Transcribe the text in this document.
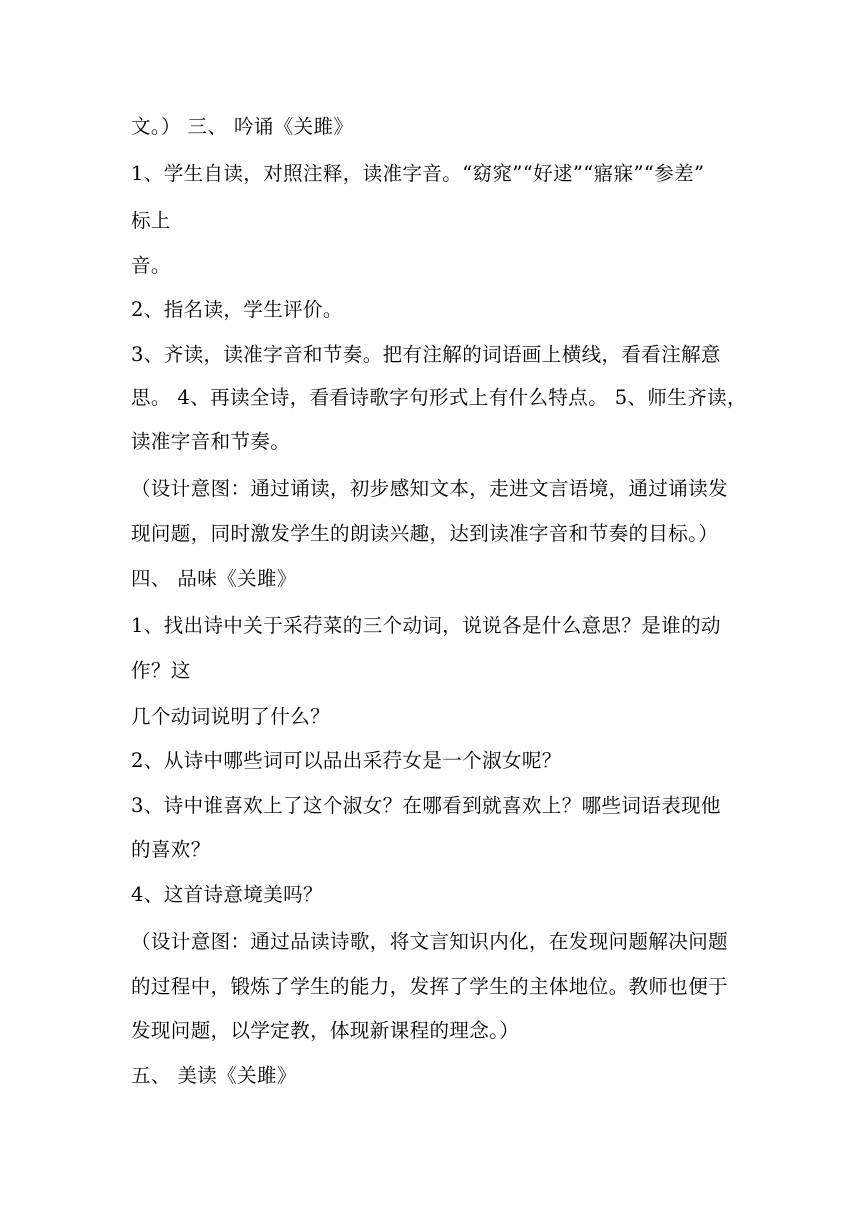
文。） 三、 吟诵《关雎》
1、学生自读，对照注释，读准字音。“窈窕”“好逑”“寤寐”“参差”
标上
音。
2、指名读，学生评价。
3、齐读，读准字音和节奏。把有注解的词语画上横线，看看注解意
思。 4、再读全诗，看看诗歌字句形式上有什么特点。 5、师生齐读，
读准字音和节奏。
（设计意图：通过诵读，初步感知文本，走进文言语境，通过诵读发
现问题，同时激发学生的朗读兴趣，达到读准字音和节奏的目标。）
四、 品味《关雎》
1、找出诗中关于采荇菜的三个动词，说说各是什么意思？是谁的动
作？这
几个动词说明了什么？
2、从诗中哪些词可以品出采荇女是一个淑女呢？
3、诗中谁喜欢上了这个淑女？在哪看到就喜欢上？哪些词语表现他
的喜欢？
4、这首诗意境美吗？
（设计意图：通过品读诗歌，将文言知识内化，在发现问题解决问题
的过程中，锻炼了学生的能力，发挥了学生的主体地位。教师也便于
发现问题，以学定教，体现新课程的理念。）
五、 美读《关雎》
